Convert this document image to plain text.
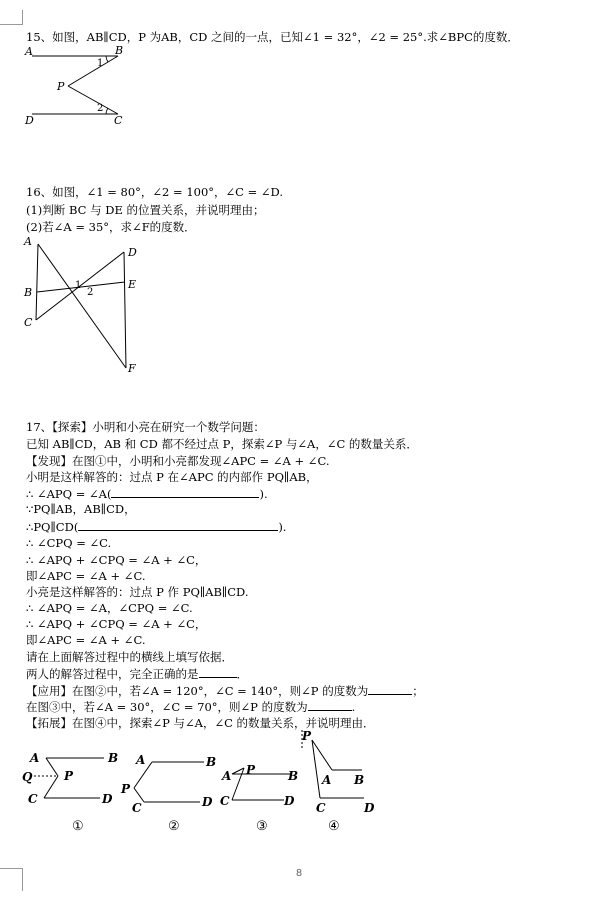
15、如图，AB∥CD，P 为AB，CD 之间的一点，已知∠1 = 32°，∠2 = 25°.求∠BPC的度数．
A	B
1
P
2
D	C
16、如图，∠1 = 80°，∠2 = 100°，∠C = ∠D.
(1)判断 BC 与 DE 的位置关系，并说明理由；
(2)若∠A = 35°，求∠F的度数．
A
D
1
2
B
E
C
F
17、【探索】小明和小亮在研究一个数学问题：
已知 AB∥CD，AB 和 CD 都不经过点 P，探索∠P 与∠A，∠C 的数量关系．
【发现】在图①中，小明和小亮都发现∠APC = ∠A + ∠C.
小明是这样解答的：过点 P 在∠APC 的内部作 PQ∥AB，
∴ ∠APQ = ∠A(	).
∵PQ∥AB，AB∥CD，
∴PQ∥CD(	).
∴ ∠CPQ = ∠C.
∴ ∠APQ + ∠CPQ = ∠A + ∠C，
即∠APC = ∠A + ∠C.
小亮是这样解答的：过点 P 作 PQ∥AB∥CD.
∴ ∠APQ = ∠A，∠CPQ = ∠C.
∴ ∠APQ + ∠CPQ = ∠A + ∠C，
即∠APC = ∠A + ∠C.
请在上面解答过程中的横线上填写依据．
两人的解答过程中，完全正确的是	．
【应用】在图②中，若∠A = 120°，∠C = 140°，则∠P 的度数为	；
在图③中，若∠A = 30°，∠C = 70°，则∠P 的度数为	.
【拓展】在图④中，探索∠P 与∠A，∠C 的数量关系，并说明理由．
A	B
Q	P
C	D
①
A	B
P
C	D
②
A P	B
C	D
③
P
A B
C	D
④
8
